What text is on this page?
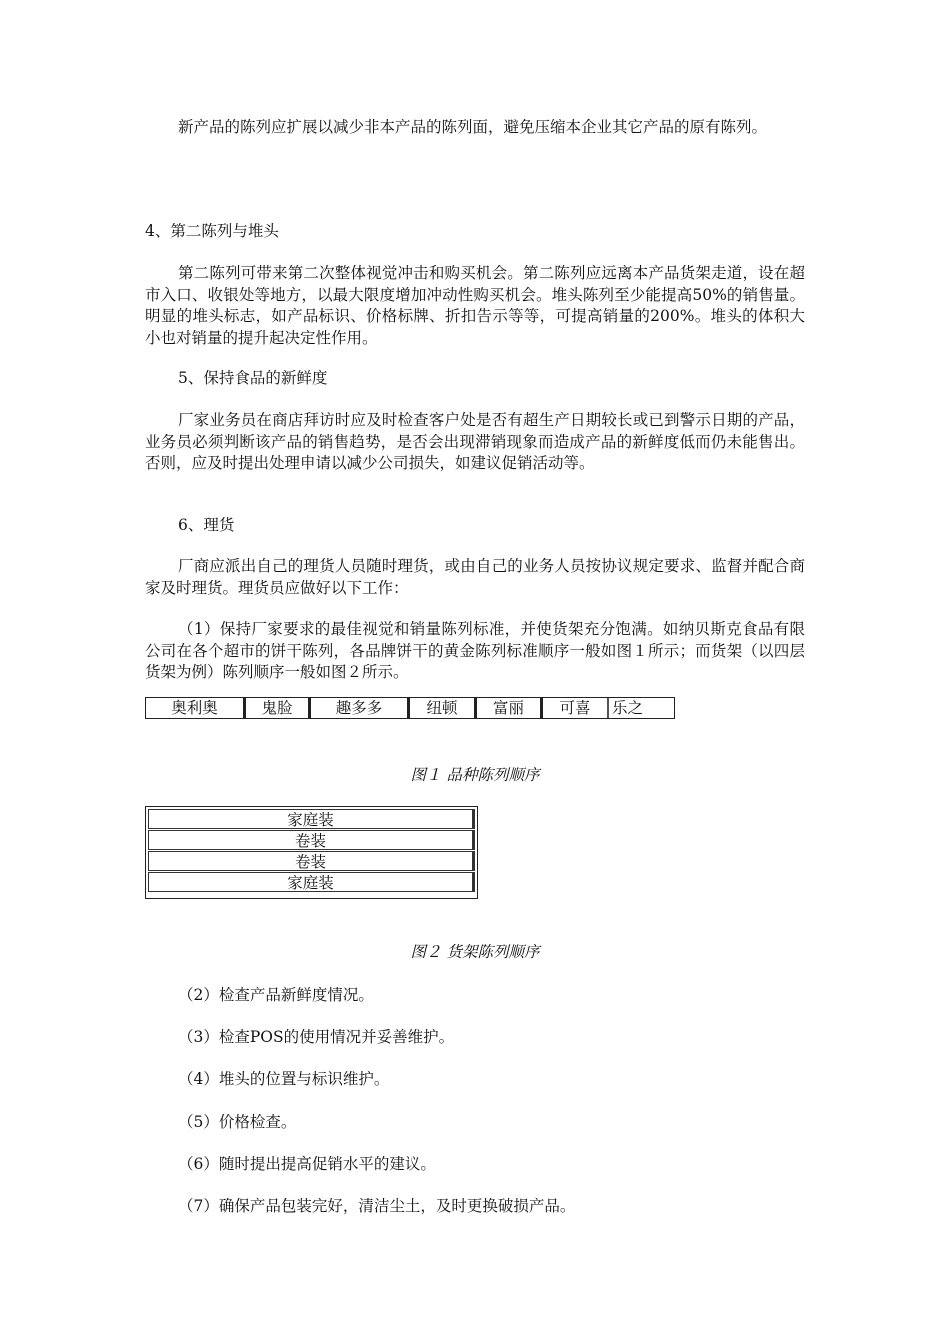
新产品的陈列应扩展以减少非本产品的陈列面，避免压缩本企业其它产品的原有陈列。

4、第二陈列与堆头

第二陈列可带来第二次整体视觉冲击和购买机会。第二陈列应远离本产品货架走道，设在超市入口、收银处等地方，以最大限度增加冲动性购买机会。堆头陈列至少能提高50%的销售量。明显的堆头标志，如产品标识、价格标牌、折扣告示等等，可提高销量的200%。堆头的体积大小也对销量的提升起决定性作用。

5、保持食品的新鲜度

厂家业务员在商店拜访时应及时检查客户处是否有超生产日期较长或已到警示日期的产品，业务员必须判断该产品的销售趋势，是否会出现滞销现象而造成产品的新鲜度低而仍未能售出。否则，应及时提出处理申请以减少公司损失，如建议促销活动等。

6、理货

厂商应派出自己的理货人员随时理货，或由自己的业务人员按协议规定要求、监督并配合商家及时理货。理货员应做好以下工作：

（1）保持厂家要求的最佳视觉和销量陈列标准，并使货架充分饱满。如纳贝斯克食品有限公司在各个超市的饼干陈列，各品牌饼干的黄金陈列标准顺序一般如图１所示；而货架（以四层货架为例）陈列顺序一般如图２所示。

奥利奥	鬼脸	趣多多	纽顿	富丽	可喜	乐之

图１ 品种陈列顺序

家庭装
卷装
卷装
家庭装

图２ 货架陈列顺序

（2）检查产品新鲜度情况。

（3）检查POS的使用情况并妥善维护。

（4）堆头的位置与标识维护。

（5）价格检查。

（6）随时提出提高促销水平的建议。

（7）确保产品包装完好，清洁尘土，及时更换破损产品。
